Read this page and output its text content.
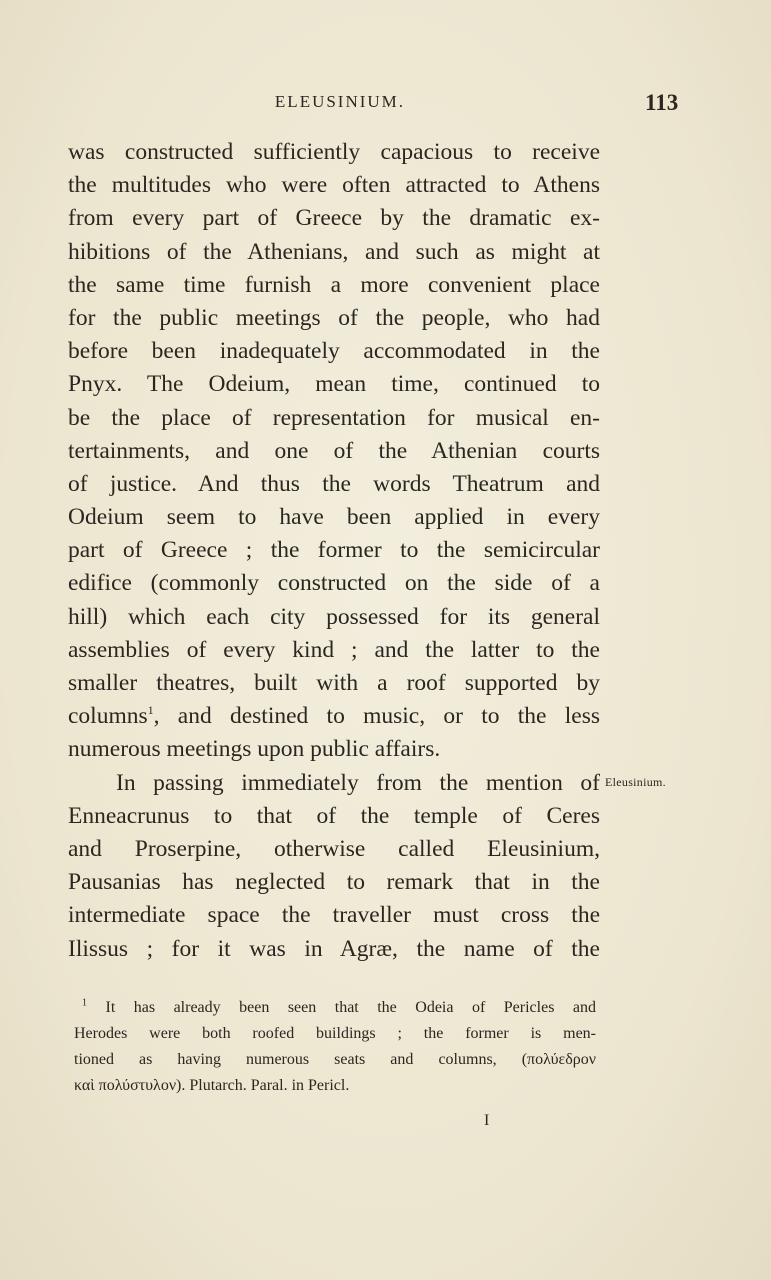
ELEUSINIUM.	113
was constructed sufficiently capacious to receive
the multitudes who were often attracted to Athens
from every part of Greece by the dramatic ex-
hibitions of the Athenians, and such as might at
the same time furnish a more convenient place
for the public meetings of the people, who had
before been inadequately accommodated in the
Pnyx. The Odeium, mean time, continued to
be the place of representation for musical en-
tertainments, and one of the Athenian courts
of justice. And thus the words Theatrum and
Odeium seem to have been applied in every
part of Greece ; the former to the semicircular
edifice (commonly constructed on the side of a
hill) which each city possessed for its general
assemblies of every kind ; and the latter to the
smaller theatres, built with a roof supported by
columns$^1$, and destined to music, or to the less
numerous meetings upon public affairs.
In passing immediately from the mention of
Enneacrunus to that of the temple of Ceres
and Proserpine, otherwise called Eleusinium,
Pausanias has neglected to remark that in the
intermediate space the traveller must cross the
Ilissus ; for it was in Agræ, the name of the
Eleusinium.
$^1$ It has already been seen that the Odeia of Pericles and
Herodes were both roofed buildings ; the former is men-
tioned as having numerous seats and columns, (πολύεδρον
καὶ πολύστυλον). Plutarch. Paral. in Pericl.
I
